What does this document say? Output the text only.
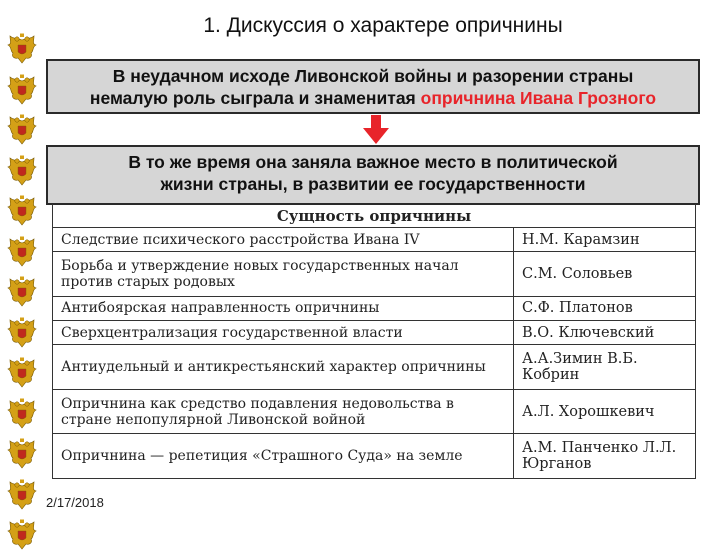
1. Дискуссия о характере опричнины
В неудачном исходе Ливонской войны и разорении страны
немалую роль сыграла и знаменитая опричнина Ивана Грозного
В то же время она заняла важное место в политической
жизни страны, в развитии ее государственности
Сущность опричнины	
Следствие психического расстройства Ивана IV	Н.М. Карамзин
Борьба и утверждение новых государственных начал против старых родовых	С.М. Соловьев
Антибоярская направленность опричнины	С.Ф. Платонов
Сверхцентрализация государственной власти	В.О. Ключевский
Антиудельный и антикрестьянский характер опричнины	А.А.Зимин В.Б. Кобрин
Опричнина как средство подавления недовольства в стране непопулярной Ливонской войной	А.Л. Хорошкевич
Опричнина — репетиция «Страшного Суда» на земле	А.М. Панченко Л.Л. Юрганов
2/17/2018
